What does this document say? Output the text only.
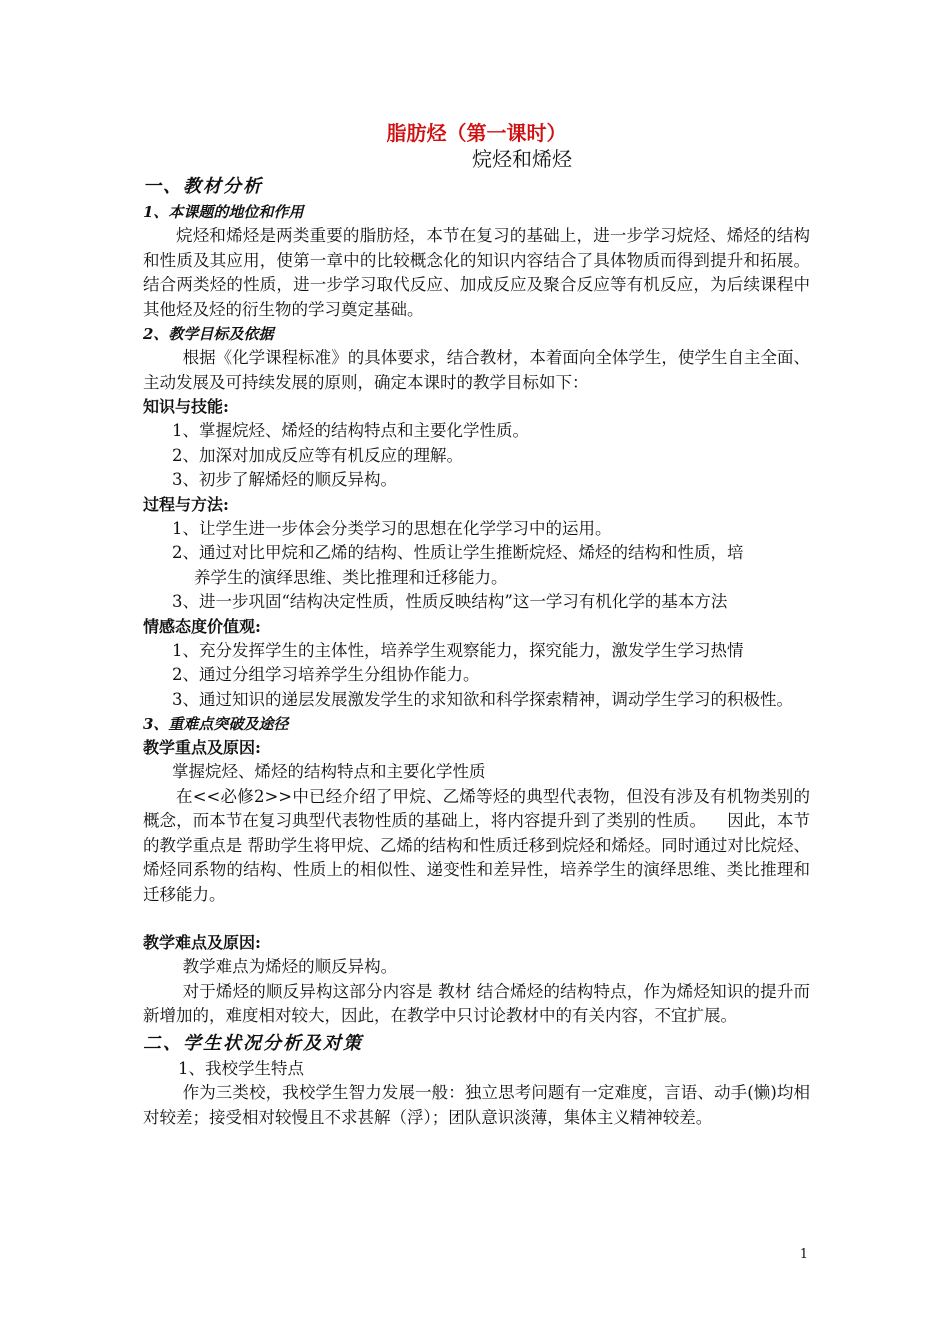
脂肪烃（第一课时）
烷烃和烯烃
一、教材分析
1、本课题的地位和作用

烷烃和烯烃是两类重要的脂肪烃，本节在复习的基础上，进一步学习烷烃、烯烃的结构和性质及其应用，使第一章中的比较概念化的知识内容结合了具体物质而得到提升和拓展。结合两类烃的性质，进一步学习取代反应、加成反应及聚合反应等有机反应，为后续课程中其他烃及烃的衍生物的学习奠定基础。

2、教学目标及依据

根据《化学课程标准》的具体要求，结合教材，本着面向全体学生，使学生自主全面、主动发展及可持续发展的原则，确定本课时的教学目标如下：

知识与技能:

1、掌握烷烃、烯烃的结构特点和主要化学性质。

2、加深对加成反应等有机反应的理解。

3、初步了解烯烃的顺反异构。

过程与方法:

1、让学生进一步体会分类学习的思想在化学学习中的运用。

2、通过对比甲烷和乙烯的结构、性质让学生推断烷烃、烯烃的结构和性质，培

养学生的演绎思维、类比推理和迁移能力。

3、进一步巩固“结构决定性质，性质反映结构”这一学习有机化学的基本方法

情感态度价值观:

1、充分发挥学生的主体性，培养学生观察能力，探究能力，激发学生学习热情

2、通过分组学习培养学生分组协作能力。

3、通过知识的递层发展激发学生的求知欲和科学探索精神，调动学生学习的积极性。

3、重难点突破及途径
教学重点及原因:

掌握烷烃、烯烃的结构特点和主要化学性质

在<<必修2>>中已经介绍了甲烷、乙烯等烃的典型代表物，但没有涉及有机物类别的概念，而本节在复习典型代表物性质的基础上，将内容提升到了类别的性质。    因此，本节的教学重点是 帮助学生将甲烷、乙烯的结构和性质迁移到烷烃和烯烃。同时通过对比烷烃、烯烃同系物的结构、性质上的相似性、递变性和差异性，培养学生的演绎思维、类比推理和迁移能力。

教学难点及原因:

教学难点为烯烃的顺反异构。

对于烯烃的顺反异构这部分内容是 教材 结合烯烃的结构特点，作为烯烃知识的提升而新增加的，难度相对较大，因此，在教学中只讨论教材中的有关内容，不宜扩展。

二、学生状况分析及对策

1、我校学生特点

作为三类校，我校学生智力发展一般：独立思考问题有一定难度，言语、动手(懒)均相对较差；接受相对较慢且不求甚解（浮）；团队意识淡薄，集体主义精神较差。

1
